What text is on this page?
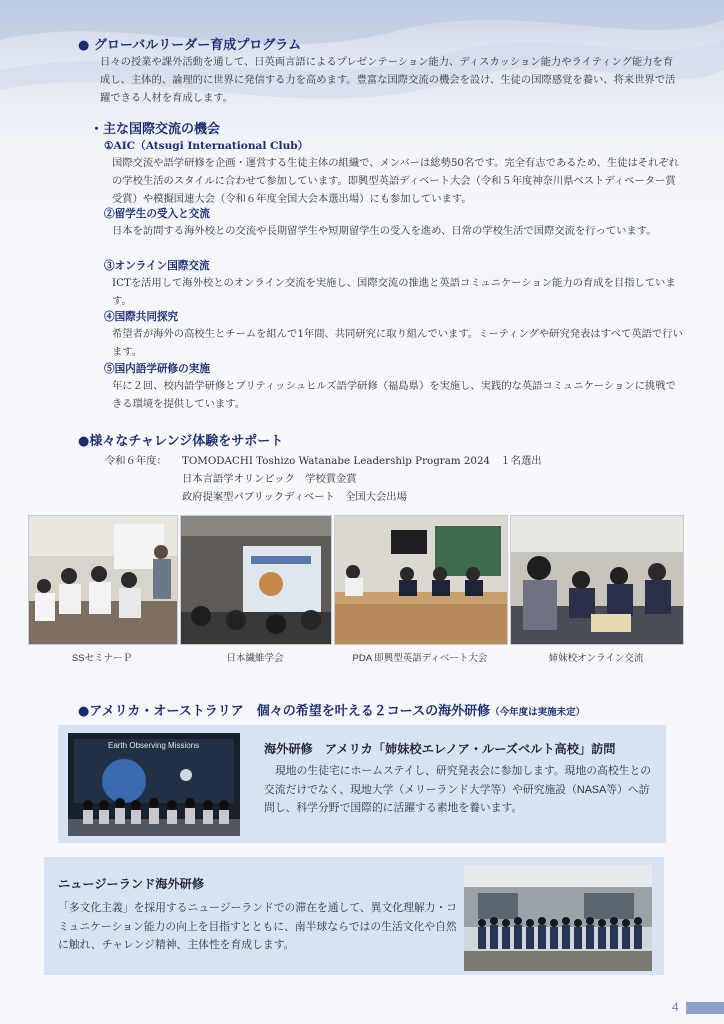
● グローバルリーダー育成プログラム

日々の授業や課外活動を通して、日英両言語によるプレゼンテーション能力、ディスカッション能力やライティング能力を育成し、主体的、論理的に世界に発信する力を高めます。豊富な国際交流の機会を設け、生徒の国際感覚を養い、将来世界で活躍できる人材を育成します。

・主な国際交流の機会
①AIC（Atsugi International Club）

国際交流や語学研修を企画・運営する生徒主体の組織で、メンバーは総勢50名です。完全有志であるため、生徒はそれぞれの学校生活のスタイルに合わせて参加しています。即興型英語ディベート大会（令和５年度神奈川県ベストディベーター賞受賞）や模擬国連大会（令和６年度全国大会本選出場）にも参加しています。

②留学生の受入と交流

日本を訪問する海外校との交流や長期留学生や短期留学生の受入を進め、日常の学校生活で国際交流を行っています。

③オンライン国際交流

ICTを活用して海外校とのオンライン交流を実施し、国際交流の推進と英語コミュニケーション能力の育成を目指しています。

④国際共同探究

希望者が海外の高校生とチームを組んで1年間、共同研究に取り組んでいます。ミーティングや研究発表はすべて英語で行います。

⑤国内語学研修の実施

年に２回、校内語学研修とブリティッシュヒルズ語学研修（福島県）を実施し、実践的な英語コミュニケーションに挑戦できる環境を提供しています。

●様々なチャレンジ体験をサポート
令和６年度： TOMODACHI Toshizo Watanabe Leadership Program 2024　１名選出
日本言語学オリンピック　学校賞金賞
政府提案型パブリックディベート　全国大会出場
SSセミナーＰ	日本繊維学会	PDA 即興型英語ディベート大会	姉妹校オンライン交流
●アメリカ・オーストラリア　個々の希望を叶える２コースの海外研修（今年度は実施未定）
Earth Observing Missions	海外研修　アメリカ「姉妹校エレノア・ルーズベルト高校」訪問

現地の生徒宅にホームステイし、研究発表会に参加します。現地の高校生との交流だけでなく、現地大学（メリーランド大学等）や研究施設（NASA等）へ訪問し、科学分野で国際的に活躍する素地を養います。

ニュージーランド海外研修

「多文化主義」を採用するニュージーランドでの滞在を通して、異文化理解力・コミュニケーション能力の向上を目指すとともに、南半球ならではの生活文化や自然に触れ、チャレンジ精神、主体性を育成します。

4
